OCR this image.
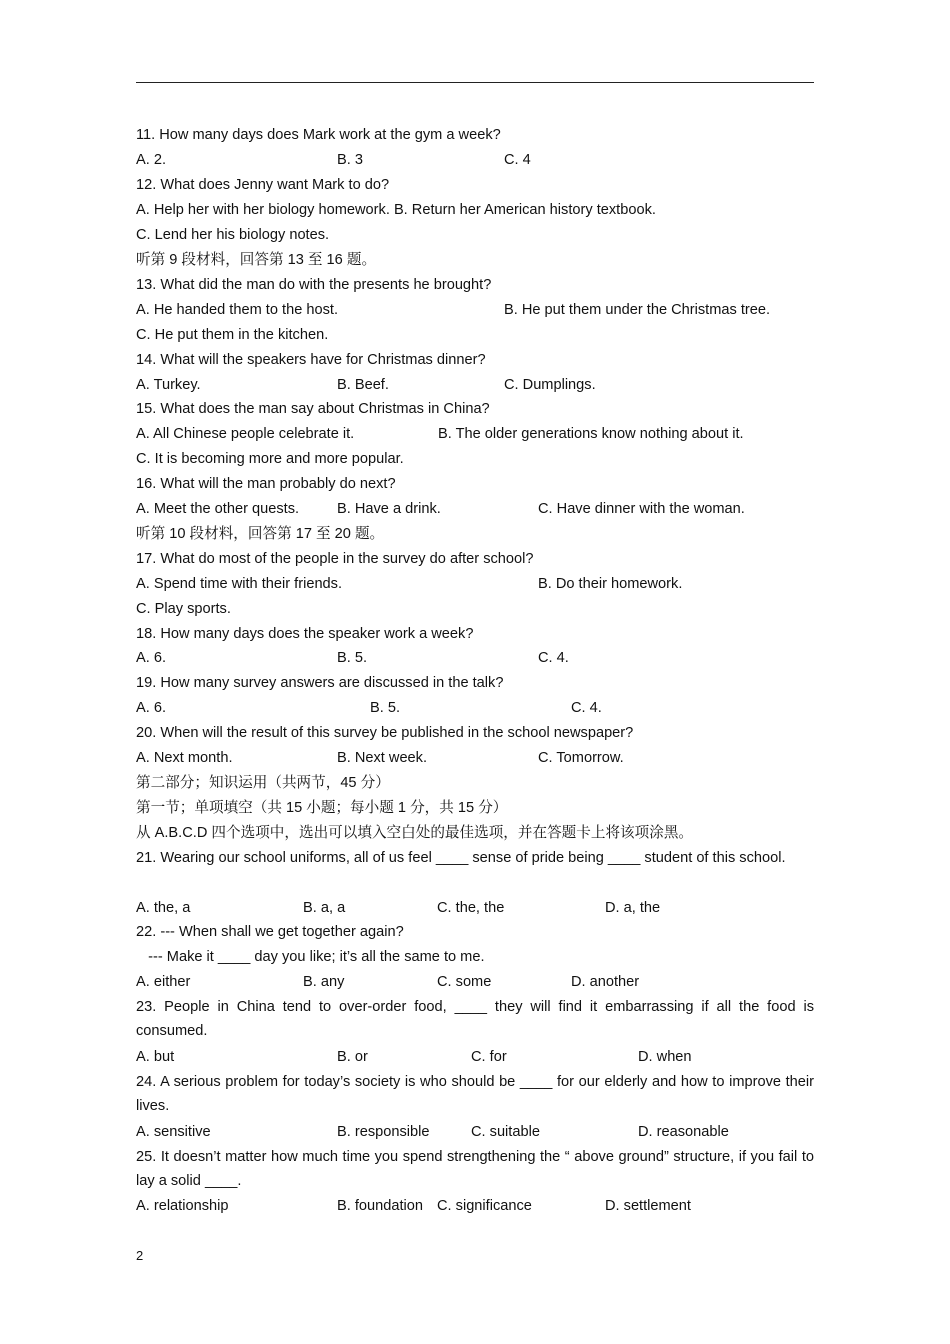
11. How many days does Mark work at the gym a week?
A. 2.	B. 3	C. 4
12. What does Jenny want Mark to do?
A. Help her with her biology homework. B. Return her American history textbook.
C. Lend her his biology notes.
听第 9 段材料，回答第 13 至 16 题。
13. What did the man do with the presents he brought?
A. He handed them to the host.	B. He put them under the Christmas tree.
C. He put them in the kitchen.
14. What will the speakers have for Christmas dinner?
A. Turkey.	B. Beef.	C. Dumplings.
15. What does the man say about Christmas in China?
A. All Chinese people celebrate it.	B. The older generations know nothing about it.
C. It is becoming more and more popular.
16. What will the man probably do next?
A. Meet the other quests.	B. Have a drink.	C. Have dinner with the woman.
听第 10 段材料，回答第 17 至 20 题。
17. What do most of the people in the survey do after school?
A. Spend time with their friends.	B. Do their homework.
C. Play sports.
18. How many days does the speaker work a week?
A. 6.	B. 5.	C. 4.
19. How many survey answers are discussed in the talk?
A. 6.	B. 5.	C. 4.
20. When will the result of this survey be published in the school newspaper?
A. Next month.	B. Next week.	C. Tomorrow.
第二部分；知识运用（共两节，45 分）
第一节；单项填空（共 15 小题；每小题 1 分，共 15 分）
从 A.B.C.D 四个选项中，选出可以填入空白处的最佳选项，并在答题卡上将该项涂黑。
21. Wearing our school uniforms, all of us feel ____ sense of pride being ____ student of this school.
A. the, a	B. a, a	C. the, the	D. a, the
22. --- When shall we get together again?
--- Make it ____ day you like; it’s all the same to me.
A. either	B. any	C. some	D. another
23. People in China tend to over-order food, ____ they will find it embarrassing if all the food is consumed.
A. but	B. or	C. for	D. when
24. A serious problem for today’s society is who should be ____ for our elderly and how to improve their lives.
A. sensitive	B. responsible	C. suitable	D. reasonable
25. It doesn’t matter how much time you spend strengthening the “ above ground” structure, if you fail to lay a solid ____.
A. relationship	B. foundation C. significance	D. settlement
2
